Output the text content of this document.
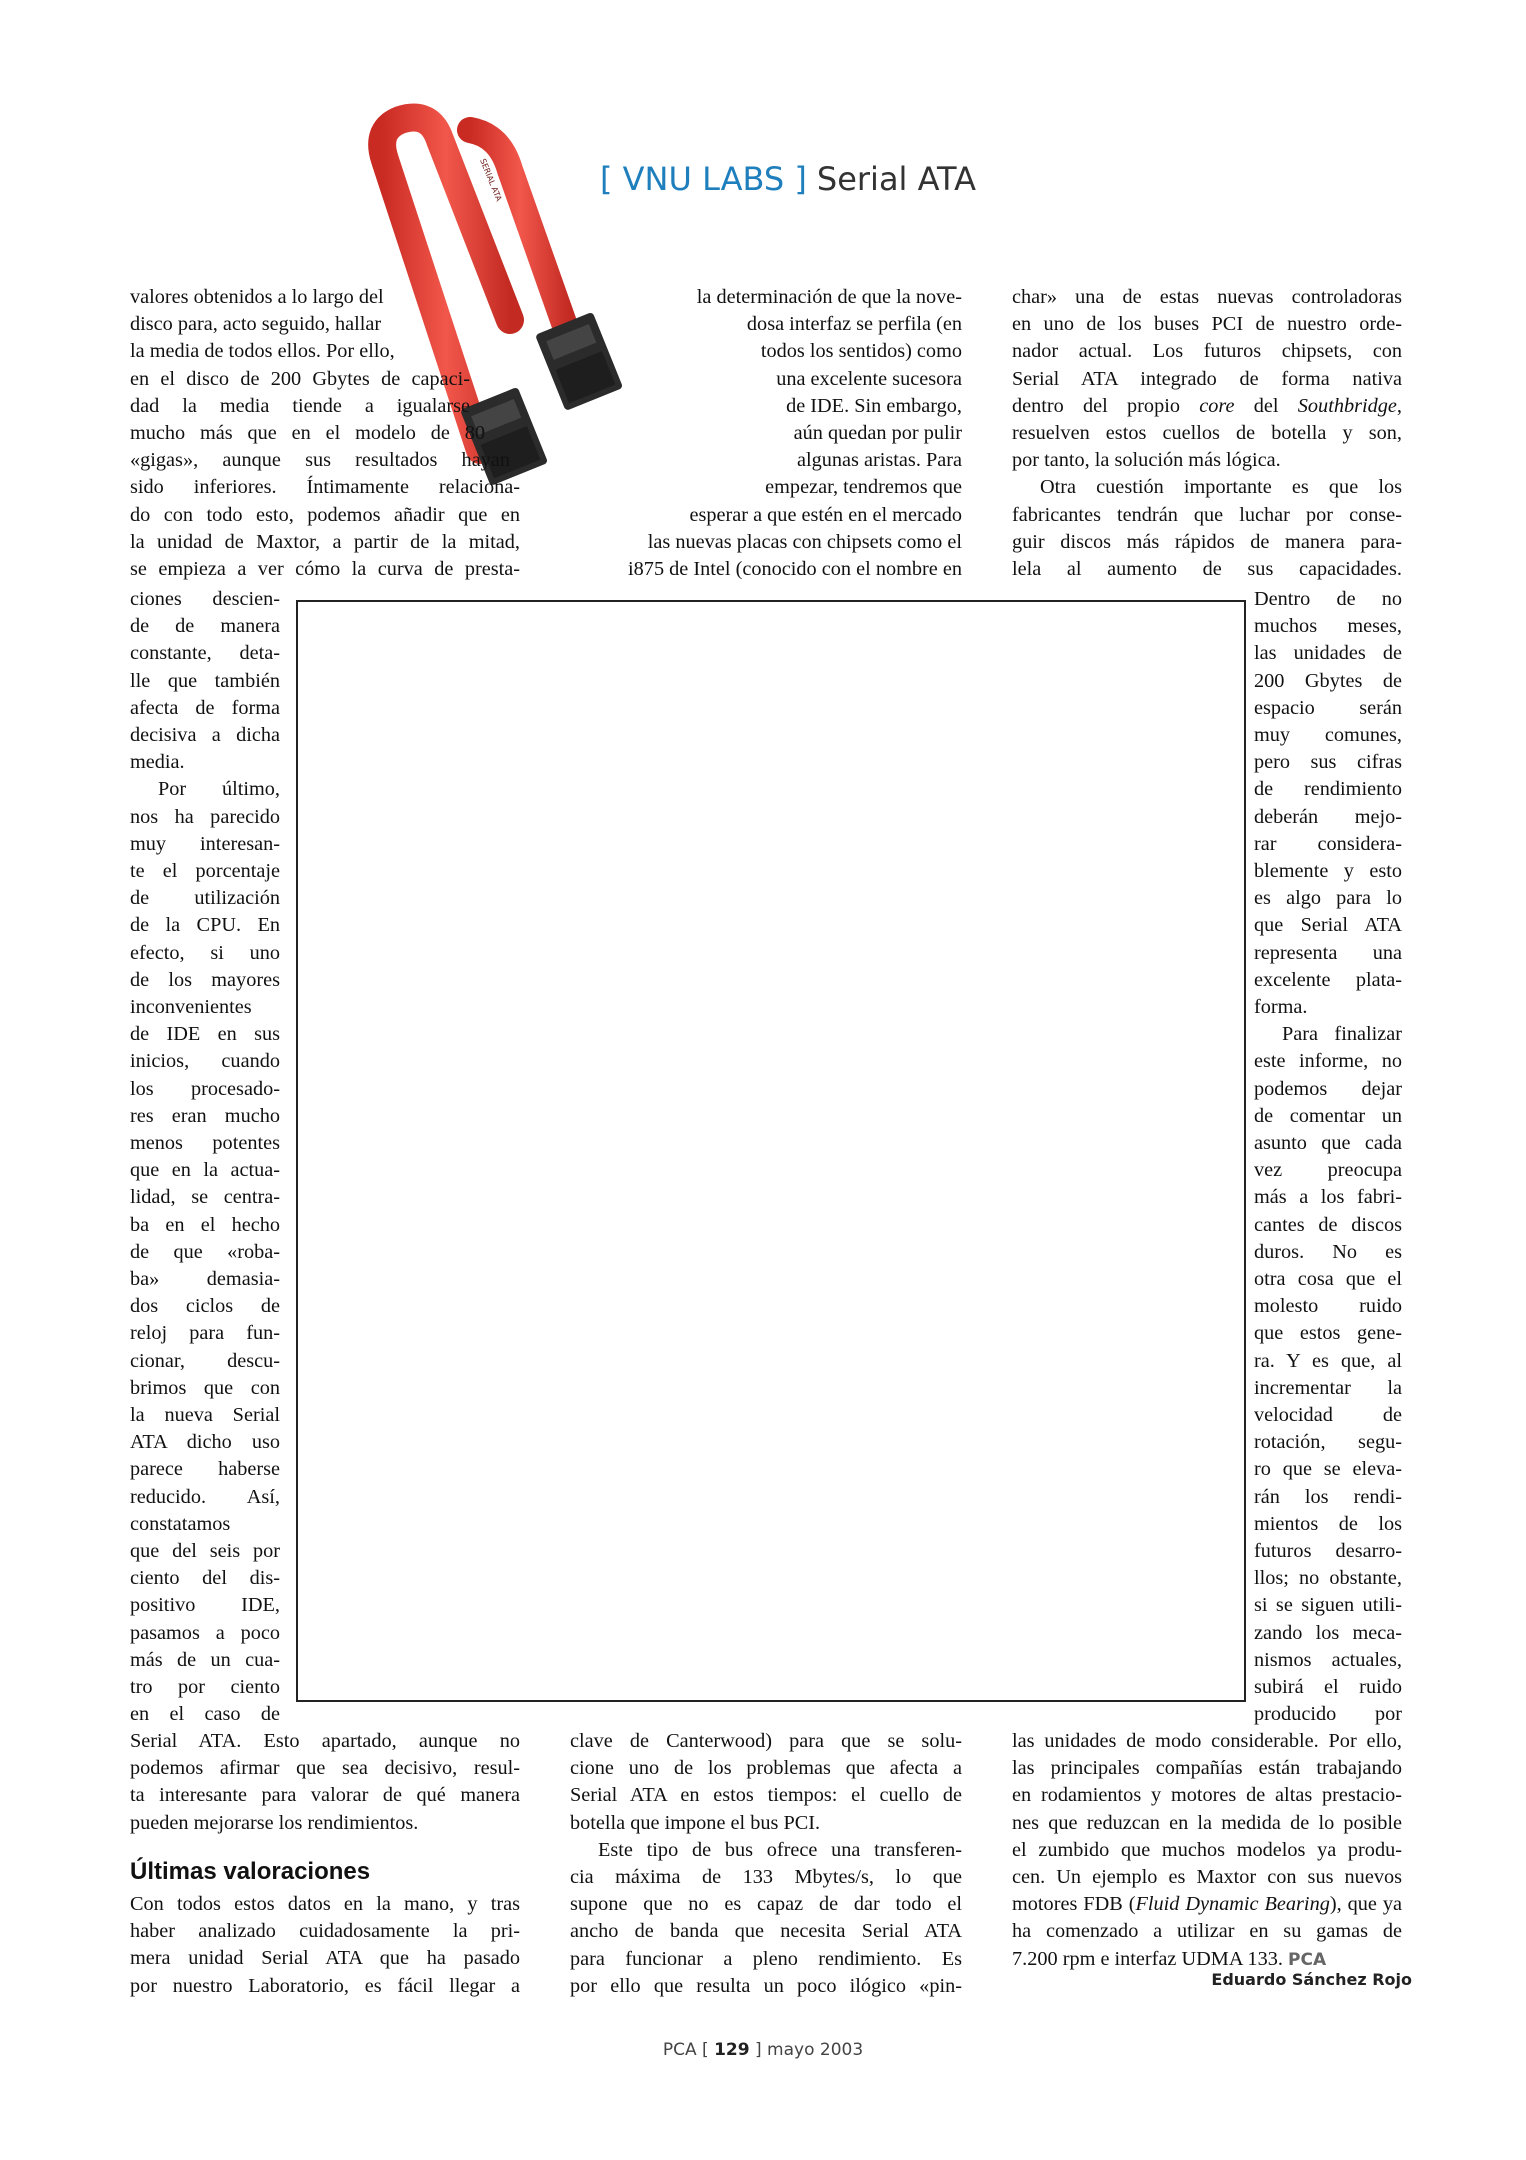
SERIAL ATA	[ VNU LABS ] Serial ATA
Últimas valoraciones
Eduardo Sánchez Rojo
PCA [ 129 ] mayo 2003
valores obtenidos a lo largo del
disco para, acto seguido, hallar
la media de todos ellos. Por ello,
en el disco de 200 Gbytes de capaci-
dad la media tiende a igualarse
mucho más que en el modelo de 80
«gigas», aunque sus resultados hayan
sido inferiores. Íntimamente relaciona-
do con todo esto, podemos añadir que en
la unidad de Maxtor, a partir de la mitad,
se empieza a ver cómo la curva de presta-
ciones descien-
de de manera
constante, deta-
lle que también
afecta de forma
decisiva a dicha
media.
Por último,
nos ha parecido
muy interesan-
te el porcentaje
de utilización
de la CPU. En
efecto, si uno
de los mayores
inconvenientes
de IDE en sus
inicios, cuando
los procesado-
res eran mucho
menos potentes
que en la actua-
lidad, se centra-
ba en el hecho
de que «roba-
ba» demasia-
dos ciclos de
reloj para fun-
cionar, descu-
brimos que con
la nueva Serial
ATA dicho uso
parece haberse
reducido. Así,
constatamos
que del seis por
ciento del dis-
positivo IDE,
pasamos a poco
más de un cua-
tro por ciento
en el caso de
Serial ATA. Esto apartado, aunque no
podemos afirmar que sea decisivo, resul-
ta interesante para valorar de qué manera
pueden mejorarse los rendimientos.
Con todos estos datos en la mano, y tras
haber analizado cuidadosamente la pri-
mera unidad Serial ATA que ha pasado
por nuestro Laboratorio, es fácil llegar a
la determinación de que la nove-
dosa interfaz se perfila (en
todos los sentidos) como
una excelente sucesora
de IDE. Sin embargo,
aún quedan por pulir
algunas aristas. Para
empezar, tendremos que
esperar a que estén en el mercado
las nuevas placas con chipsets como el
i875 de Intel (conocido con el nombre en
clave de Canterwood) para que se solu-
cione uno de los problemas que afecta a
Serial ATA en estos tiempos: el cuello de
botella que impone el bus PCI.
Este tipo de bus ofrece una transferen-
cia máxima de 133 Mbytes/s, lo que
supone que no es capaz de dar todo el
ancho de banda que necesita Serial ATA
para funcionar a pleno rendimiento. Es
por ello que resulta un poco ilógico «pin-
char» una de estas nuevas controladoras
en uno de los buses PCI de nuestro orde-
nador actual. Los futuros chipsets, con
Serial ATA integrado de forma nativa
dentro del propio core del Southbridge,
resuelven estos cuellos de botella y son,
por tanto, la solución más lógica.
Otra cuestión importante es que los
fabricantes tendrán que luchar por conse-
guir discos más rápidos de manera para-
lela al aumento de sus capacidades.
Dentro de no
muchos meses,
las unidades de
200 Gbytes de
espacio serán
muy comunes,
pero sus cifras
de rendimiento
deberán mejo-
rar considera-
blemente y esto
es algo para lo
que Serial ATA
representa una
excelente plata-
forma.
Para finalizar
este informe, no
podemos dejar
de comentar un
asunto que cada
vez preocupa
más a los fabri-
cantes de discos
duros. No es
otra cosa que el
molesto ruido
que estos gene-
ra. Y es que, al
incrementar la
velocidad de
rotación, segu-
ro que se eleva-
rán los rendi-
mientos de los
futuros desarro-
llos; no obstante,
si se siguen utili-
zando los meca-
nismos actuales,
subirá el ruido
producido por
las unidades de modo considerable. Por ello,
las principales compañías están trabajando
en rodamientos y motores de altas prestacio-
nes que reduzcan en la medida de lo posible
el zumbido que muchos modelos ya produ-
cen. Un ejemplo es Maxtor con sus nuevos
motores FDB (Fluid Dynamic Bearing), que ya
ha comenzado a utilizar en su gamas de
7.200 rpm e interfaz UDMA 133. PCA
